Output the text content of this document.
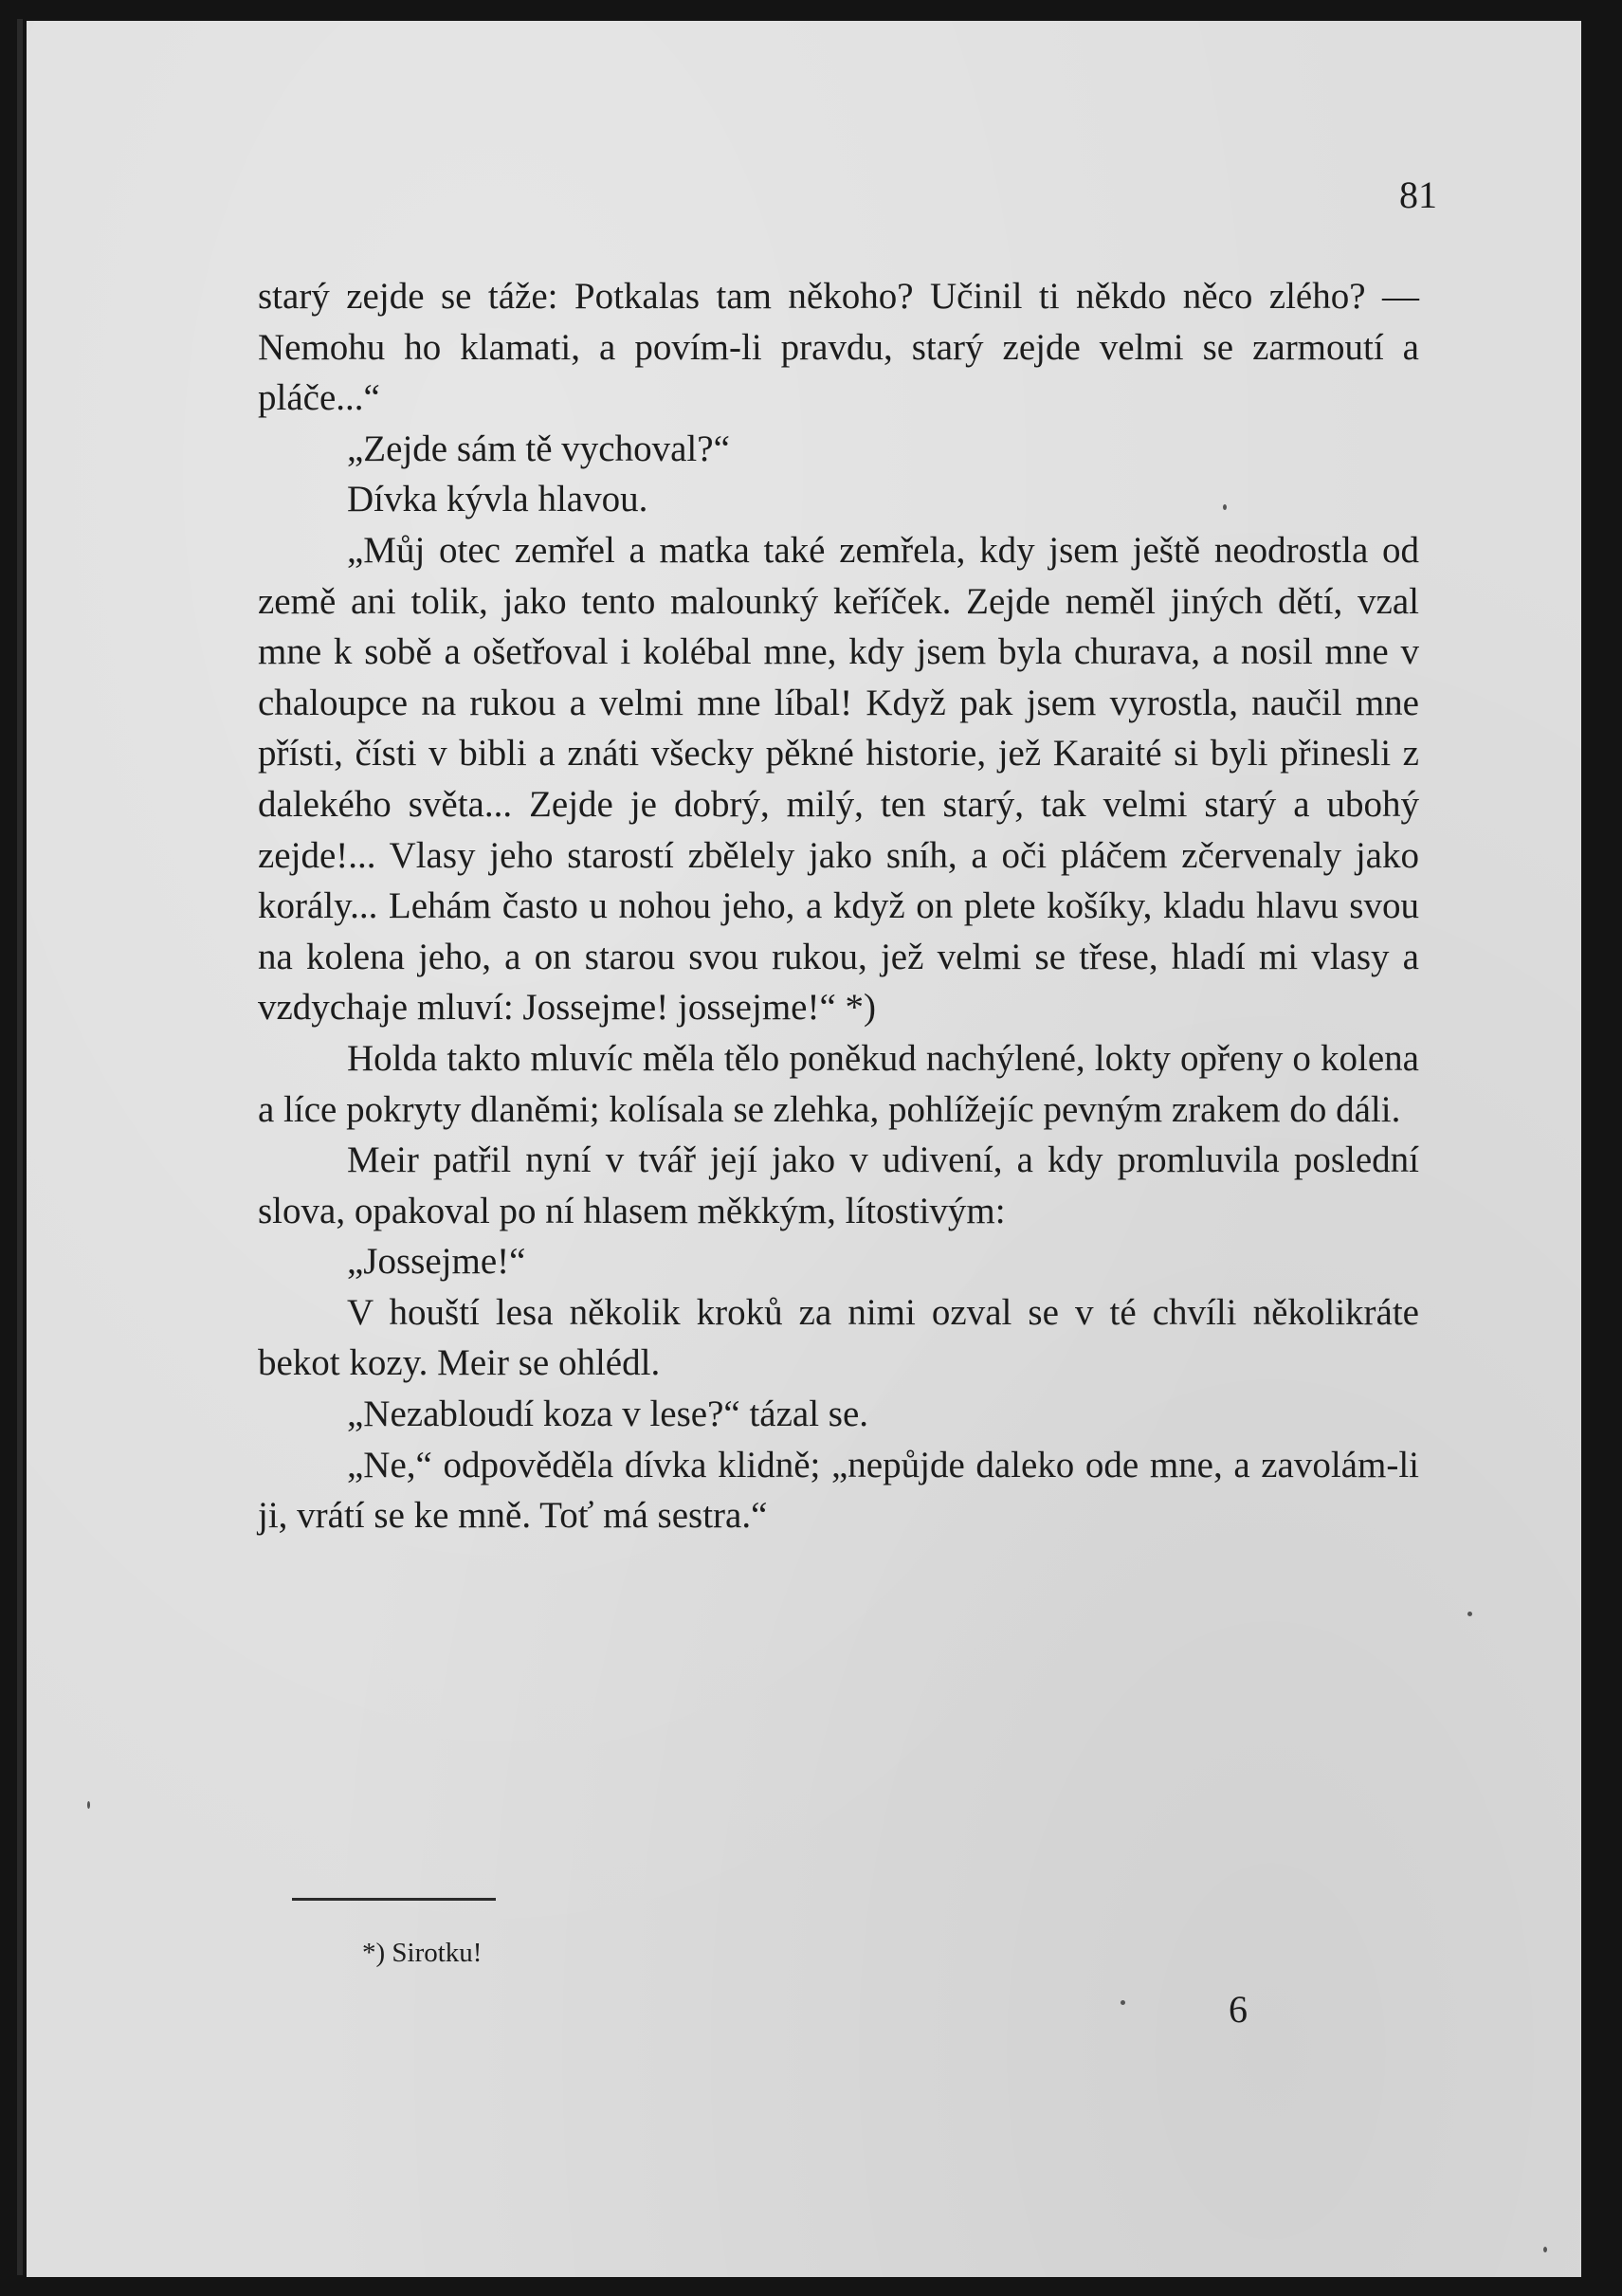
81

starý zejde se táže: Potkalas tam někoho? Učinil ti někdo něco zlého? — Nemohu ho klamati, a povím-li pravdu, starý zejde velmi se zarmoutí a pláče...“

„Zejde sám tě vychoval?“

Dívka kývla hlavou.

„Můj otec zemřel a matka také zemřela, kdy jsem ještě neodrostla od země ani tolik, jako tento malounký keříček. Zejde neměl jiných dětí, vzal mne k sobě a ošetřoval i kolébal mne, kdy jsem byla churava, a nosil mne v chaloupce na rukou a velmi mne líbal! Když pak jsem vyrostla, naučil mne přísti, čísti v bibli a znáti všecky pěkné historie, jež Karaité si byli přinesli z dalekého světa... Zejde je dobrý, milý, ten starý, tak velmi starý a ubohý zejde!... Vlasy jeho starostí zbělely jako sníh, a oči pláčem zčervenaly jako korály... Lehám často u nohou jeho, a když on plete košíky, kladu hlavu svou na kolena jeho, a on starou svou rukou, jež velmi se třese, hladí mi vlasy a vzdychaje mluví: Jossejme! jossejme!“ *)

Holda takto mluvíc měla tělo poněkud nachýlené, lokty opřeny o kolena a líce pokryty dlaněmi; kolísala se zlehka, pohlížejíc pevným zrakem do dáli.

Meir patřil nyní v tvář její jako v udivení, a kdy promluvila poslední slova, opakoval po ní hlasem měkkým, lítostivým:

„Jossejme!“

V houští lesa několik kroků za nimi ozval se v té chvíli několikráte bekot kozy. Meir se ohlédl.

„Nezabloudí koza v lese?“ tázal se.

„Ne,“ odpověděla dívka klidně; „nepůjde daleko ode mne, a zavolám-li ji, vrátí se ke mně. Toť má sestra.“

*) Sirotku!
6
